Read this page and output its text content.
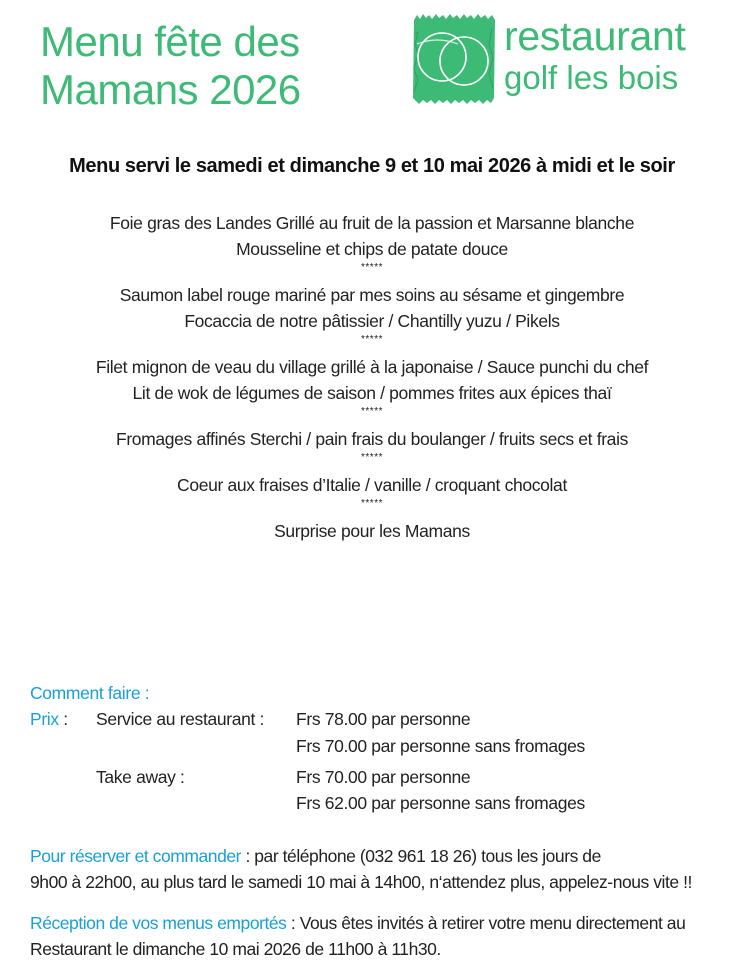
Menu fête des
Mamans 2026
restaurant
golf les bois
Menu servi le samedi et dimanche 9 et 10 mai 2026 à midi et le soir
Foie gras des Landes Grillé au fruit de la passion et Marsanne blanche
Mousseline et chips de patate douce
*****
Saumon label rouge mariné par mes soins au sésame et gingembre
Focaccia de notre pâtissier / Chantilly yuzu / Pikels
*****
Filet mignon de veau du village grillé à la japonaise / Sauce punchi du chef
Lit de wok de légumes de saison / pommes frites aux épices thaï
*****
Fromages affinés Sterchi / pain frais du boulanger / fruits secs et frais
*****
Coeur aux fraises d’Italie / vanille / croquant chocolat
*****
Surprise pour les Mamans
Comment faire :
Prix : Service au restaurant : Frs 78.00 par personne
Frs 70.00 par personne sans fromages
Take away :	Frs 70.00 par personne
Frs 62.00 par personne sans fromages
Pour réserver et commander : par téléphone (032 961 18 26) tous les jours de
9h00 à 22h00, au plus tard le samedi 10 mai à 14h00, n‘attendez plus, appelez-nous vite !!
Réception de vos menus emportés : Vous êtes invités à retirer votre menu directement au
Restaurant le dimanche 10 mai 2026 de 11h00 à 11h30.
